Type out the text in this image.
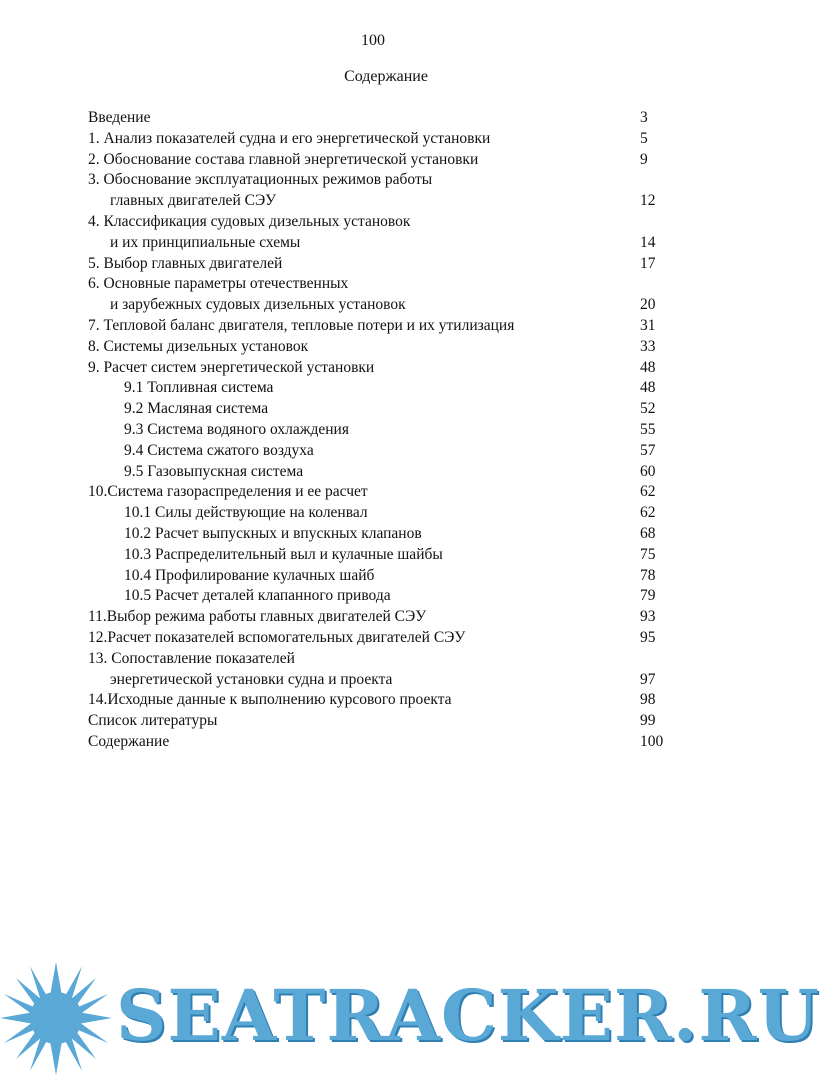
100
Содержание
Введение	3
1. Анализ показателей судна и его энергетической установки	5
2. Обоснование состава главной энергетической установки	9
3. Обоснование эксплуатационных режимов работы
главных двигателей СЭУ	12
4. Классификация судовых дизельных установок
и их принципиальные схемы	14
5. Выбор главных двигателей	17
6. Основные параметры отечественных
и зарубежных судовых дизельных установок	20
7. Тепловой баланс двигателя, тепловые потери и их утилизация	31
8. Системы дизельных установок	33
9. Расчет систем энергетической установки	48
9.1 Топливная система	48
9.2 Масляная система	52
9.3 Система водяного охлаждения	55
9.4 Система сжатого воздуха	57
9.5 Газовыпускная система	60
10.Система газораспределения и ее расчет	62
10.1 Силы действующие на коленвал	62
10.2 Расчет выпускных и впускных клапанов	68
10.3 Распределительный выл и кулачные шайбы	75
10.4 Профилирование кулачных шайб	78
10.5 Расчет деталей клапанного привода	79
11.Выбор режима работы главных двигателей СЭУ	93
12.Расчет показателей вспомогательных двигателей СЭУ	95
13. Сопоставление показателей
энергетической установки судна и проекта	97
14.Исходные данные к выполнению курсового проекта	98
Список литературы	99
Содержание	100
SEATRACKER.RU
